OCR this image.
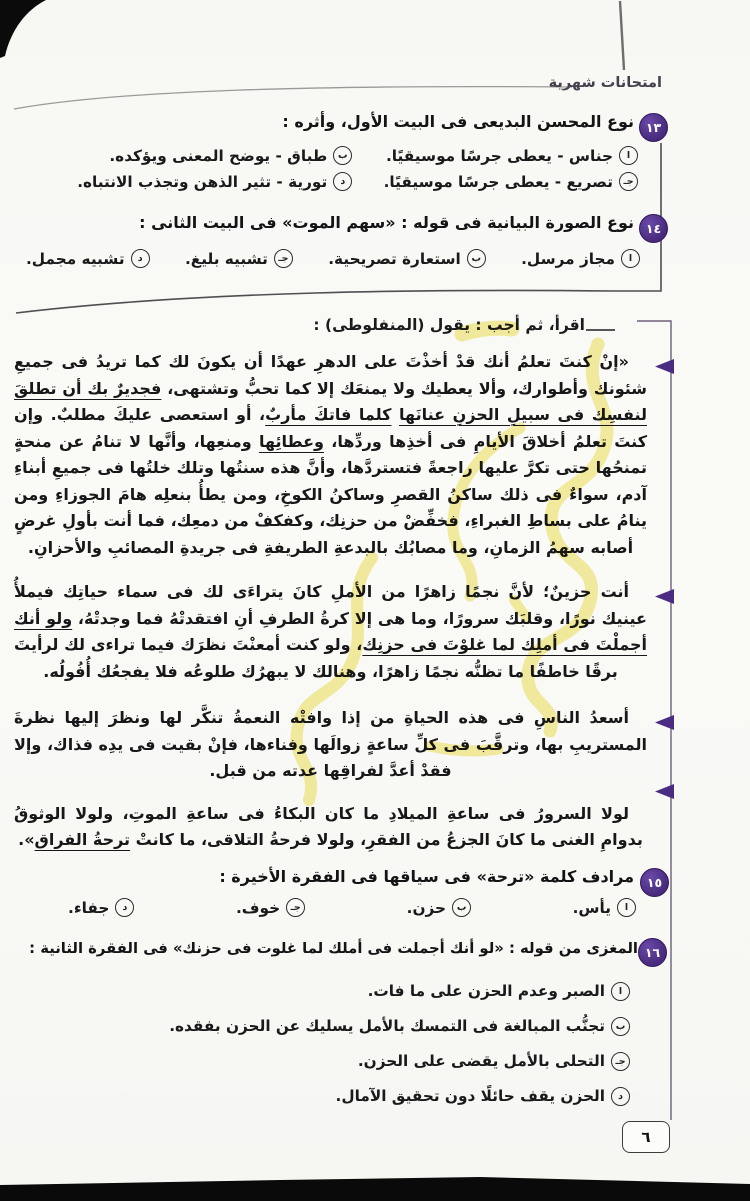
امتحانات شهرية
١٣
نوع المحسن البديعى فى البيت الأول، وأثره :
ا
جناس - يعطى جرسًا موسيقيًا.
ب
طباق - يوضح المعنى ويؤكده.
جـ
تصريع - يعطى جرسًا موسيقيًا.
د
تورية - تثير الذهن وتجذب الانتباه.
١٤
نوع الصورة البيانية فى قوله : «سهم الموت» فى البيت الثانى :
ا
مجاز مرسل.
ب
استعارة تصريحية.
جـ
تشبيه بليغ.
د
تشبيه مجمل.
اقرأ، ثم أجب : يقول (المنفلوطى) :

«إنْ كنتَ تعلمُ أنك قدْ أخذْتَ على الدهرِ عهدًا أن يكونَ لك كما تريدُ فى جميعِ شئونك وأطوارك، وألا يعطيك ولا يمنعَك إلا كما تحبُّ وتشتهى، فجديرٌ بك أن تطلقَ لنفسِك فى سبيلِ الحزنِ عنانَها كلما فاتكَ مأربٌ، أو استعصى عليكَ مطلبٌ. وإن كنتَ تعلمُ أخلاقَ الأيامِ فى أخذِها وردِّها، وعطائِها ومنعِها، وأنَّها لا تنامُ عن منحةٍ تمنحُها حتى تكرَّ عليها راجعةً فتستردَّها، وأنَّ هذه سنتُها وتلك خلتُها فى جميعِ أبناءِ آدم، سواءٌ فى ذلك ساكنُ القصرِ وساكنُ الكوخِ، ومن يطأُ بنعلِه هامَ الجوزاءِ ومن ينامُ على بساطِ الغبراءِ، فخفِّضْ من حزنِك، وكفكفْ من دمعِك، فما أنت بأولِ غرضٍ أصابه سهمُ الزمانِ، وما مصابُك بالبدعةِ الطريفةِ فى جريدةِ المصائبِ والأحزانِ.

أنت حزينٌ؛ لأنَّ نجمًا زاهرًا من الأملِ كانَ يتراءَى لك فى سماء حياتِك فيملأُ عينيك نورًا، وقلبَك سرورًا، وما هى إلا كرةُ الطرفِ أنِ افتقدتْهُ فما وجدتْهُ، ولو أنك أجملْتَ فى أملِك لما غلوْتَ فى حزنِك، ولو كنت أمعنْتَ نظرَك فيما تراءى لك لرأيتَ برقًا خاطفًا ما تظنُّه نجمًا زاهرًا، وهنالك لا يبهرُك طلوعُه فلا يفجعُك أُفُولُه.

أسعدُ الناسِ فى هذه الحياةِ من إذا وافتْه النعمةُ تنكَّر لها ونظرَ إليها نظرةَ المستريبِ بها، وترقَّبَ فى كلِّ ساعةٍ زوالَها وفناءها، فإنْ بقيت فى يدِه فذاك، وإلا فقدْ أعدَّ لفراقِها عدته من قبل.

لولا السرورُ فى ساعةِ الميلادِ ما كان البكاءُ فى ساعةِ الموتِ، ولولا الوثوقُ بدوامِ الغنى ما كانَ الجزعُ من الفقرِ، ولولا فرحةُ التلاقى، ما كانتْ ترحةُ الفراق».

١٥
مرادف كلمة «ترحة» فى سياقها فى الفقرة الأخيرة :
ا
يأس.
ب
حزن.
جـ
خوف.
د
جفاء.
١٦
المغزى من قوله : «لو أنك أجملت فى أملك لما غلوت فى حزنك» فى الفقرة الثانية :
ا
الصبر وعدم الحزن على ما فات.
ب
تجنُّب المبالغة فى التمسك بالأمل يسليك عن الحزن بفقده.
جـ
التحلى بالأمل يقضى على الحزن.
د
الحزن يقف حائلًا دون تحقيق الآمال.
٦
